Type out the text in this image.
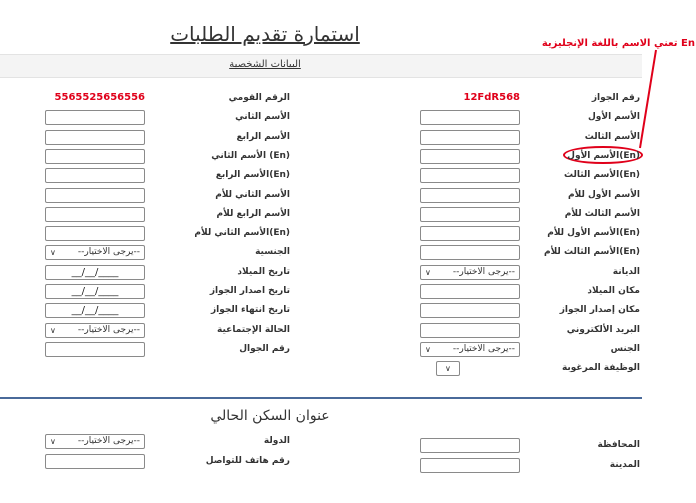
استمارة تقديم الطلبات	تعني الاسم باللغة الإنجليزية En
البيانات الشخصية
رقم الجواز
12FdR568
الأسم الأول
الأسم الثالث
الأسم الأول(En)
الأسم الثالث(En)
الأسم الأول للأم
الأسم الثالث للأم
الأسم الأول للأم(En)
الأسم الثالث للأم(En)
الديانة
--يرجى الاختيار--
∨
مكان الميلاد
مكان إصدار الجواز
البريد الألكتروني
الجنس
--يرجى الاختيار--
∨
الوظيفة المرغوبة
∨
الرقم القومي
5565525656556
الأسم الثاني
الأسم الرابع
الأسم الثاني (En)
الأسم الرابع(En)
الأسم الثاني للأم
الأسم الرابع للأم
الأسم الثاني للأم(En)
الجنسية
--يرجى الاختيار--
∨
تاريخ الميلاد
__/__/____
تاريخ اصدار الجواز
__/__/____
تاريخ انتهاء الجواز
__/__/____
الحالة الإجتماعية
--يرجى الاختيار--
∨
رقم الجوال
المحافظة
المدينة
الدولة
--يرجى الاختيار--
∨
رقم هاتف للتواصل
عنوان السكن الحالي
